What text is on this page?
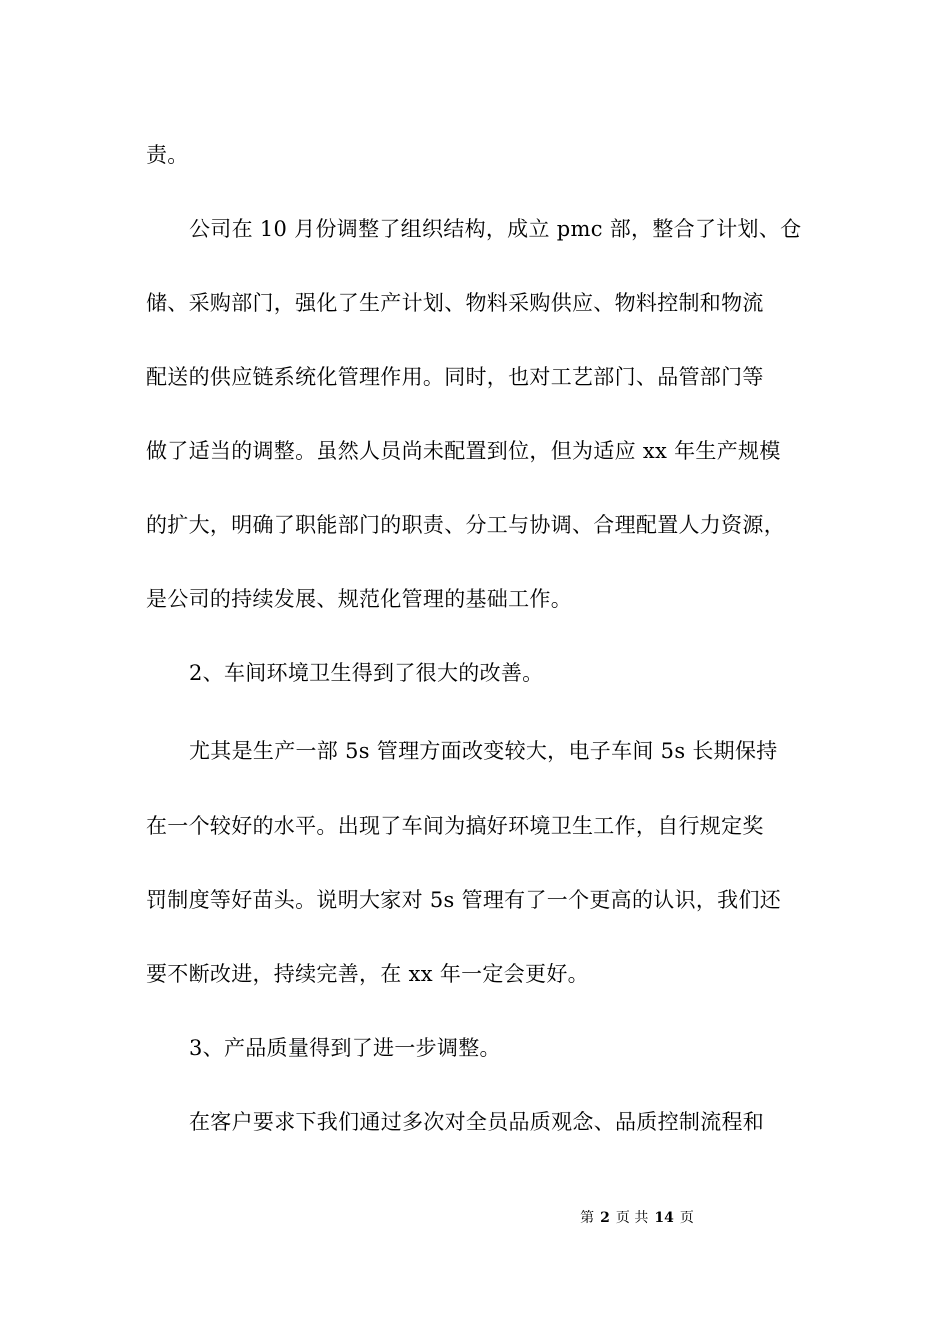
责。
公司在 10 月份调整了组织结构，成立 pmc 部，整合了计划、仓
储、采购部门，强化了生产计划、物料采购供应、物料控制和物流
配送的供应链系统化管理作用。同时，也对工艺部门、品管部门等
做了适当的调整。虽然人员尚未配置到位，但为适应 xx 年生产规模
的扩大，明确了职能部门的职责、分工与协调、合理配置人力资源，
是公司的持续发展、规范化管理的基础工作。
2、车间环境卫生得到了很大的改善。
尤其是生产一部 5s 管理方面改变较大，电子车间 5s 长期保持
在一个较好的水平。出现了车间为搞好环境卫生工作，自行规定奖
罚制度等好苗头。说明大家对 5s 管理有了一个更高的认识，我们还
要不断改进，持续完善，在 xx 年一定会更好。
3、产品质量得到了进一步调整。
在客户要求下我们通过多次对全员品质观念、品质控制流程和
第 2 页 共 14 页
